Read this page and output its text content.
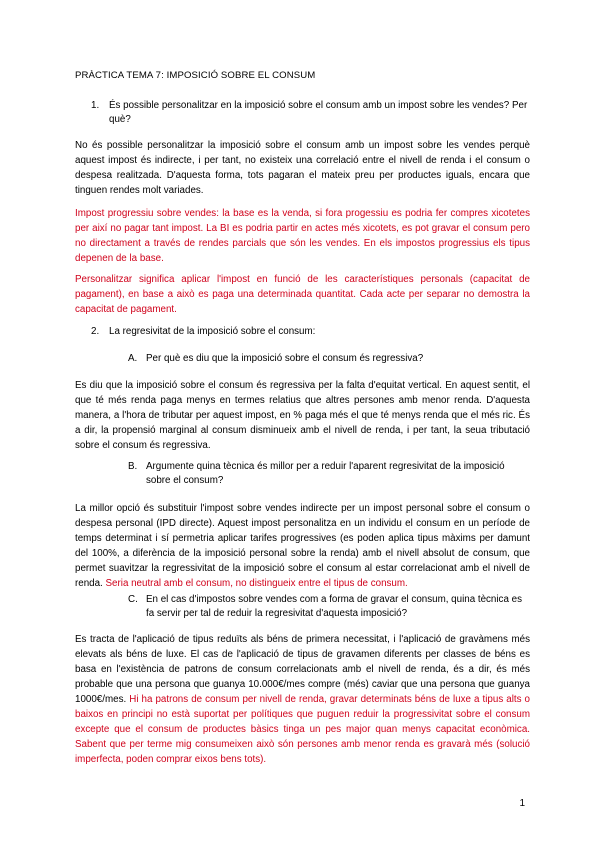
PRÀCTICA TEMA 7: IMPOSICIÓ SOBRE EL CONSUM
1.	És possible personalitzar en la imposició sobre el consum amb un impost sobre les vendes? Per què?
No és possible personalitzar la imposició sobre el consum amb un impost sobre les vendes perquè aquest impost és indirecte, i per tant, no existeix una correlació entre el nivell de renda i el consum o despesa realitzada. D'aquesta forma, tots pagaran el mateix preu per productes iguals, encara que tinguen rendes molt variades.
Impost progressiu sobre vendes: la base es la venda, si fora progessiu es podria fer compres xicotetes per així no pagar tant impost. La BI es podria partir en actes més xicotets, es pot gravar el consum pero no directament a través de rendes parcials que són les vendes. En els impostos progressius els tipus depenen de la base.
Personalitzar significa aplicar l'impost en funció de les característiques personals (capacitat de pagament), en base a això es paga una determinada quantitat. Cada acte per separar no demostra la capacitat de pagament.
2.	La regresivitat de la imposició sobre el consum:
A. Per què es diu que la imposició sobre el consum és regressiva?
Es diu que la imposició sobre el consum és regressiva per la falta d'equitat vertical. En aquest sentit, el que té més renda paga menys en termes relatius que altres persones amb menor renda. D'aquesta manera, a l'hora de tributar per aquest impost, en % paga més el que té menys renda que el més ric. És a dir, la propensió marginal al consum disminueix amb el nivell de renda, i per tant, la seua tributació sobre el consum és regressiva.
B. Argumente quina tècnica és millor per a reduir l'aparent regresivitat de la imposició sobre el consum?
La millor opció és substituir l'impost sobre vendes indirecte per un impost personal sobre el consum o despesa personal (IPD directe). Aquest impost personalitza en un individu el consum en un període de temps determinat i sí permetria aplicar tarifes progressives (es poden aplica tipus màxims per damunt del 100%, a diferència de la imposició personal sobre la renda) amb el nivell absolut de consum, que permet suavitzar la regressivitat de la imposició sobre el consum al estar correlacionat amb el nivell de renda. Seria neutral amb el consum, no distingueix entre el tipus de consum.
C. En el cas d'impostos sobre vendes com a forma de gravar el consum, quina tècnica es fa servir per tal de reduir la regresivitat d'aquesta imposició?
Es tracta de l'aplicació de tipus reduïts als béns de primera necessitat, i l'aplicació de gravàmens més elevats als béns de luxe. El cas de l'aplicació de tipus de gravamen diferents per classes de béns es basa en l'existència de patrons de consum correlacionats amb el nivell de renda, és a dir, és més probable que una persona que guanya 10.000€/mes compre (més) caviar que una persona que guanya 1000€/mes. Hi ha patrons de consum per nivell de renda, gravar determinats béns de luxe a tipus alts o baixos en principi no està suportat per polítiques que puguen reduir la progressivitat sobre el consum excepte que el consum de productes bàsics tinga un pes major quan menys capacitat econòmica. Sabent que per terme mig consumeixen això són persones amb menor renda es gravarà més (solució imperfecta, poden comprar eixos bens tots).
1
